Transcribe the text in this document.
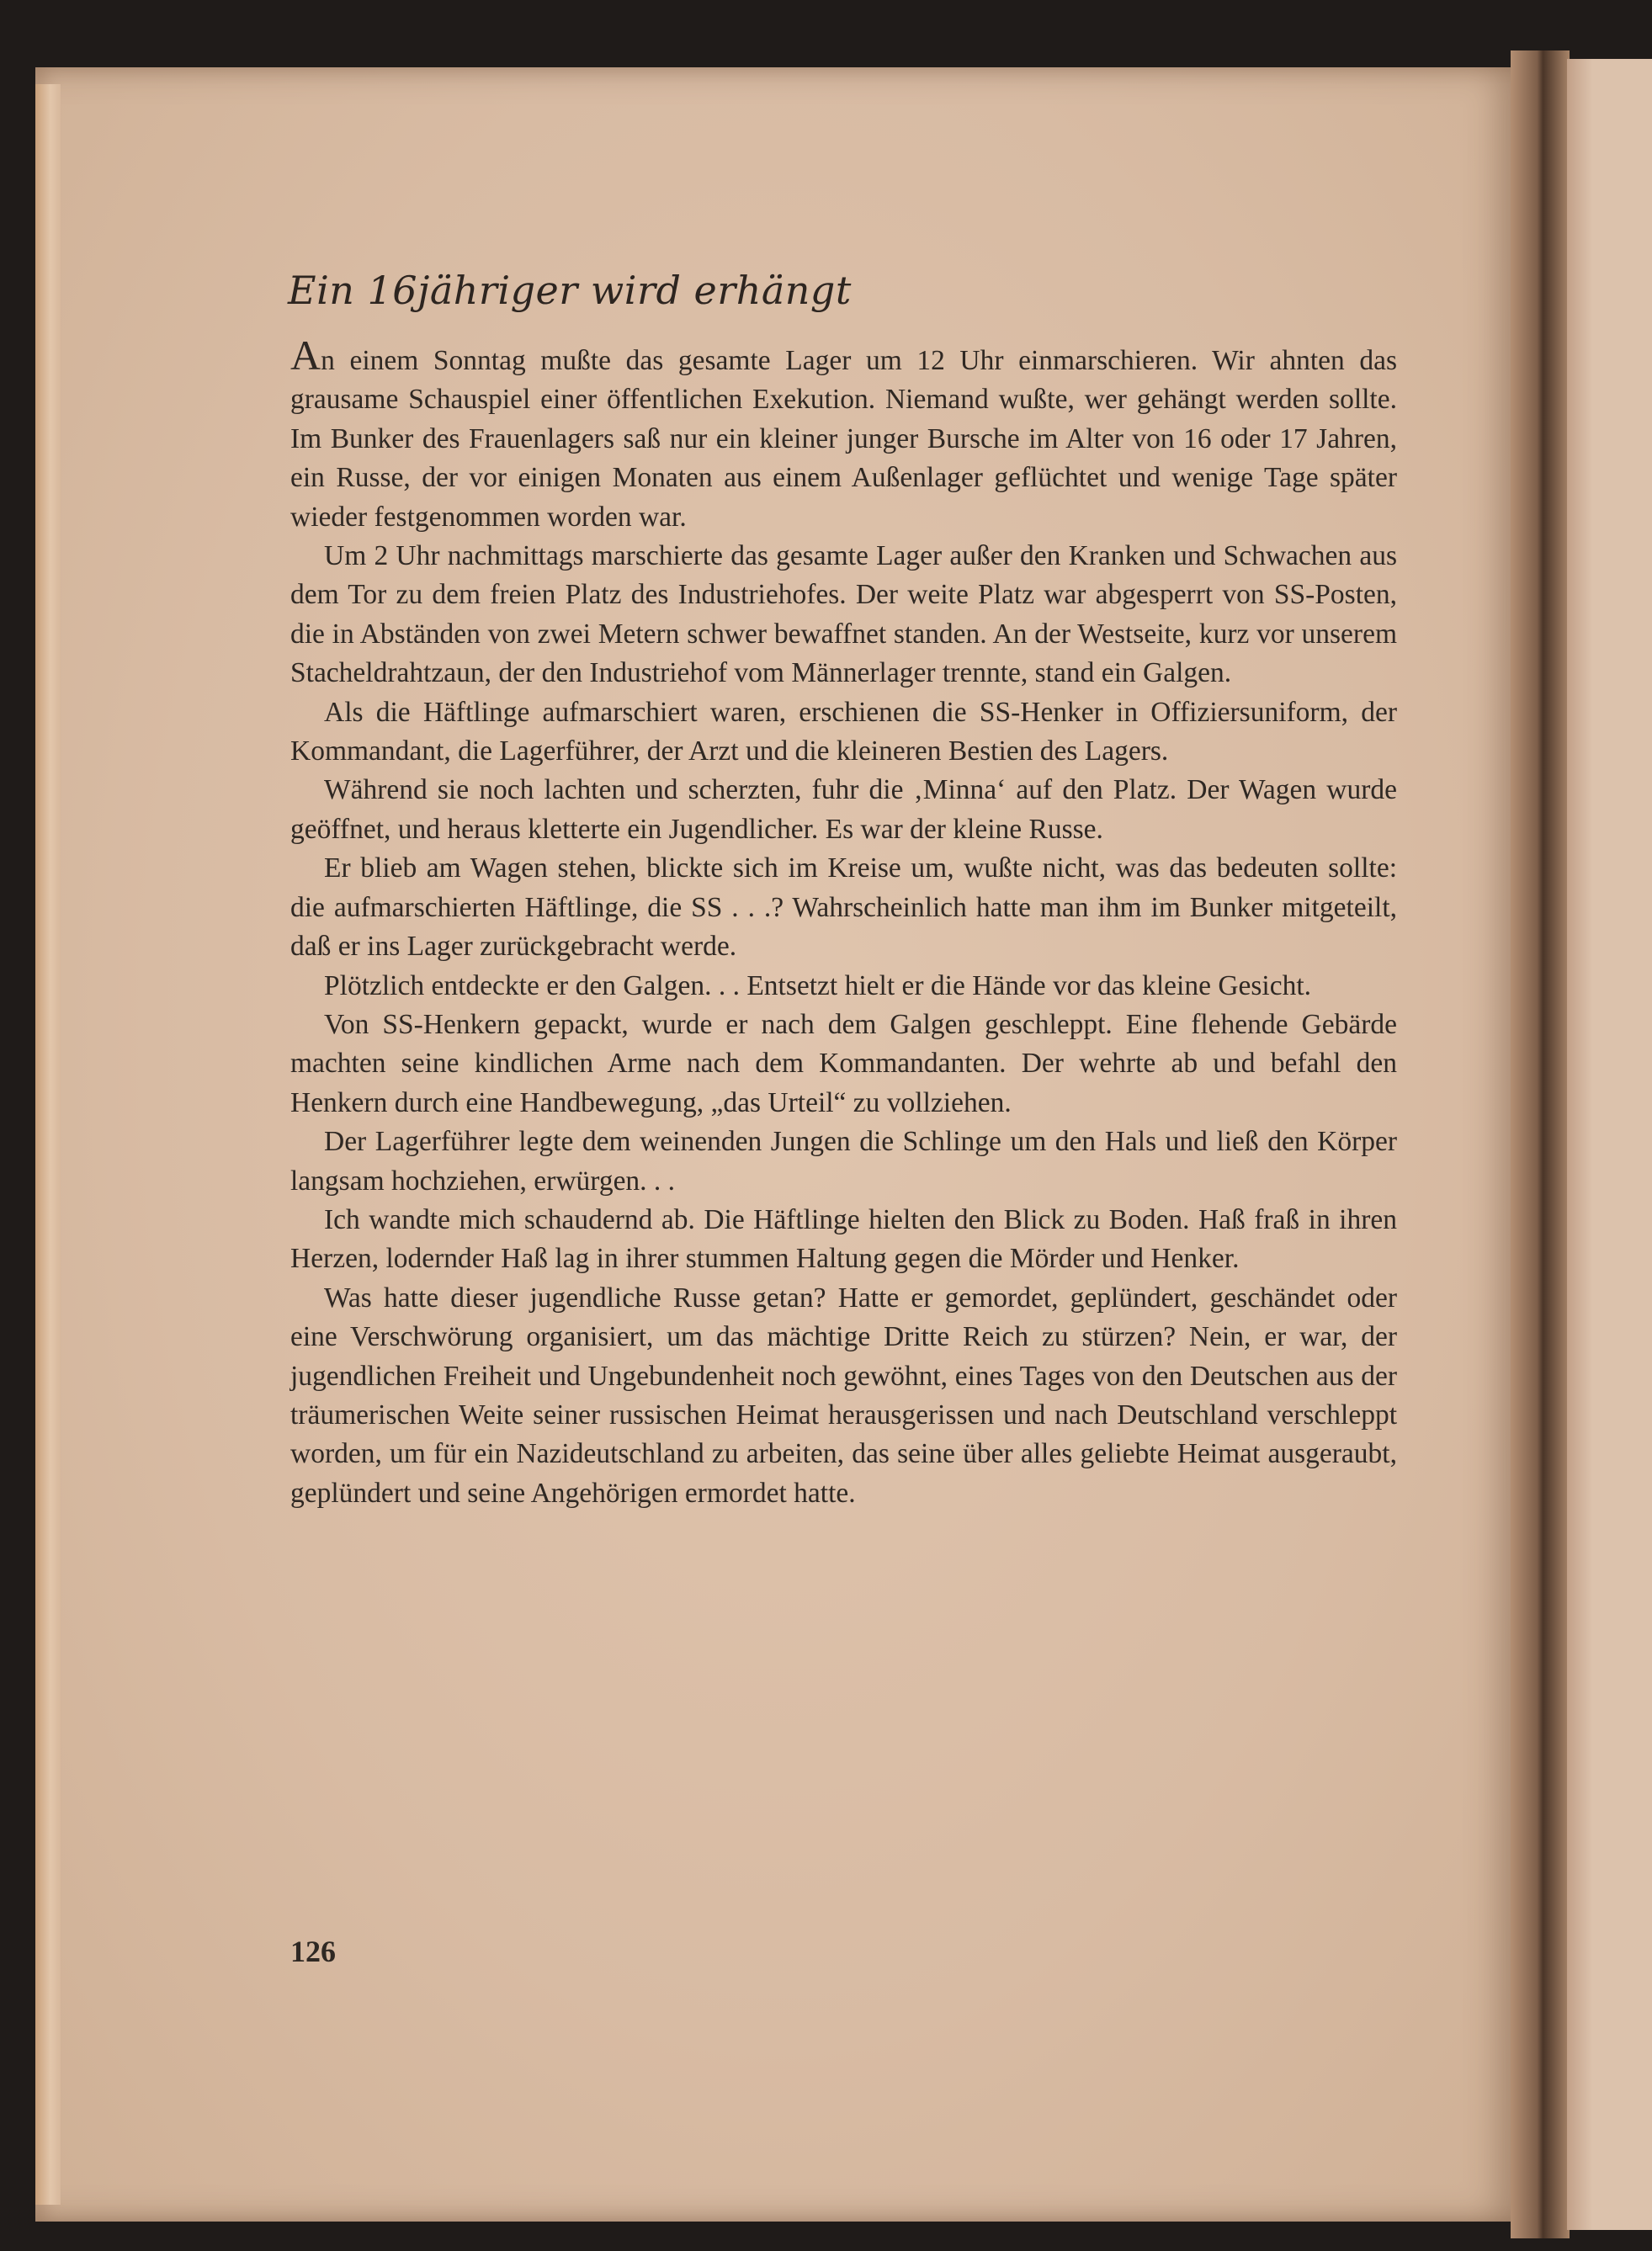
Ein 16jähriger wird erhängt

An einem Sonntag mußte das gesamte Lager um 12 Uhr einmarschieren. Wir ahnten das grausame Schauspiel einer öffentlichen Exekution. Niemand wußte, wer gehängt werden sollte. Im Bunker des Frauenlagers saß nur ein kleiner junger Bursche im Alter von 16 oder 17 Jahren, ein Russe, der vor einigen Monaten aus einem Außenlager geflüchtet und wenige Tage später wieder festgenommen worden war.

Um 2 Uhr nachmittags marschierte das gesamte Lager außer den Kranken und Schwachen aus dem Tor zu dem freien Platz des Industriehofes. Der weite Platz war abgesperrt von SS-Posten, die in Abständen von zwei Metern schwer bewaffnet standen. An der Westseite, kurz vor unserem Stacheldrahtzaun, der den Industriehof vom Männerlager trennte, stand ein Galgen.

Als die Häftlinge aufmarschiert waren, erschienen die SS-Henker in Offiziersuniform, der Kommandant, die Lagerführer, der Arzt und die kleineren Bestien des Lagers.

Während sie noch lachten und scherzten, fuhr die ‚Minna‘ auf den Platz. Der Wagen wurde geöffnet, und heraus kletterte ein Jugendlicher. Es war der kleine Russe.

Er blieb am Wagen stehen, blickte sich im Kreise um, wußte nicht, was das bedeuten sollte: die aufmarschierten Häftlinge, die SS . . .? Wahrscheinlich hatte man ihm im Bunker mitgeteilt, daß er ins Lager zurückgebracht werde.

Plötzlich entdeckte er den Galgen. . . Entsetzt hielt er die Hände vor das kleine Gesicht.

Von SS-Henkern gepackt, wurde er nach dem Galgen geschleppt. Eine flehende Gebärde machten seine kindlichen Arme nach dem Kommandanten. Der wehrte ab und befahl den Henkern durch eine Handbewegung, „das Urteil“ zu vollziehen.

Der Lagerführer legte dem weinenden Jungen die Schlinge um den Hals und ließ den Körper langsam hochziehen, erwürgen. . .

Ich wandte mich schaudernd ab. Die Häftlinge hielten den Blick zu Boden. Haß fraß in ihren Herzen, lodernder Haß lag in ihrer stummen Haltung gegen die Mörder und Henker.

Was hatte dieser jugendliche Russe getan? Hatte er gemordet, geplündert, geschändet oder eine Verschwörung organisiert, um das mächtige Dritte Reich zu stürzen? Nein, er war, der jugendlichen Freiheit und Ungebundenheit noch gewöhnt, eines Tages von den Deutschen aus der träumerischen Weite seiner russischen Heimat herausgerissen und nach Deutschland verschleppt worden, um für ein Nazideutschland zu arbeiten, das seine über alles geliebte Heimat ausgeraubt, geplündert und seine Angehörigen ermordet hatte.

126
